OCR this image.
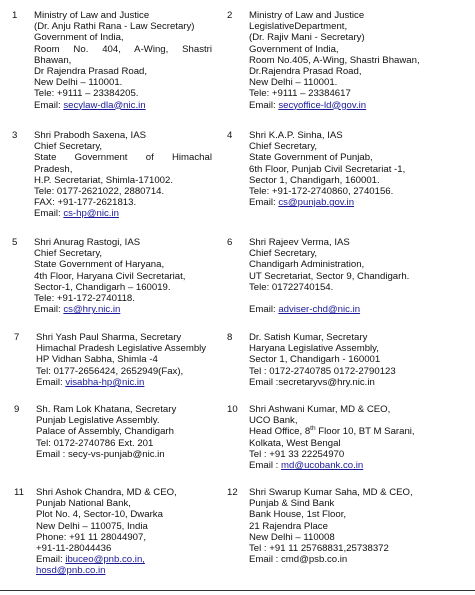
1	Ministry of Law and Justice
(Dr. Anju Rathi Rana - Law Secretary)
Government of India,
Room No. 404, A-Wing, Shastri
Bhawan,
Dr Rajendra Prasad Road,
New Delhi – 110001.
Tele: +9111 – 23384205.
Email: secylaw-dla@nic.in
2	Ministry of Law and Justice
LegislativeDepartment,
(Dr. Rajiv Mani - Secretary)
Government of India,
Room No.405, A-Wing, Shastri Bhawan,
Dr.Rajendra Prasad Road,
New Delhi – 110001.
Tele: +9111 – 23384617
Email: secyoffice-ld@gov.in
3	Shri Prabodh Saxena, IAS
Chief Secretary,
State Government of Himachal
Pradesh,
H.P. Secretariat, Shimla-171002.
Tele: 0177-2621022, 2880714.
FAX: +91-177-2621813.
Email: cs-hp@nic.in
4	Shri K.A.P. Sinha, IAS
Chief Secretary,
State Government of Punjab,
6th Floor, Punjab Civil Secretariat -1,
Sector 1, Chandigarh, 160001.
Tele: +91-172-2740860, 2740156.
Email: cs@punjab.gov.in
5	Shri Anurag Rastogi, IAS
Chief Secretary,
State Government of Haryana,
4th Floor, Haryana Civil Secretariat,
Sector-1, Chandigarh – 160019.
Tele: +91-172-2740118.
Email: cs@hry.nic.in
6	Shri Rajeev Verma, IAS
Chief Secretary,
Chandigarh Administration,
UT Secretariat, Sector 9, Chandigarh.
Tele: 01722740154.

Email: adviser-chd@nic.in
7	Shri Yash Paul Sharma, Secretary
Himachal Pradesh Legislative Assembly
HP Vidhan Sabha, Shimla -4
Tel: 0177-2656424, 2652949(Fax),
Email: visabha-hp@nic.in
8	Dr. Satish Kumar, Secretary
Haryana Legislative Assembly,
Sector 1, Chandigarh - 160001
Tel : 0172-2740785 0172-2790123
Email :secretaryvs@hry.nic.in
9	Sh. Ram Lok Khatana, Secretary
Punjab Legislative Assembly.
Palace of Assembly, Chandigarh
Tel: 0172-2740786 Ext. 201
Email : secy-vs-punjab@nic.in
10	Shri Ashwani Kumar, MD & CEO,
UCO Bank,
Head Office, 8th Floor 10, BT M Sarani,
Kolkata, West Bengal
Tel : +91 33 22254970
Email : md@ucobank.co.in
11	Shri Ashok Chandra, MD & CEO,
Punjab National Bank,
Plot No. 4, Sector-10, Dwarka
New Delhi – 110075, India
Phone: +91 11 28044907,
+91-11-28044436
Email: ibuceo@pnb.co.in,
hosd@pnb.co.in
12	Shri Swarup Kumar Saha, MD & CEO,
Punjab & Sind Bank
Bank House, 1st Floor,
21 Rajendra Place
New Delhi – 110008
Tel : +91 11 25768831,25738372
Email : cmd@psb.co.in
